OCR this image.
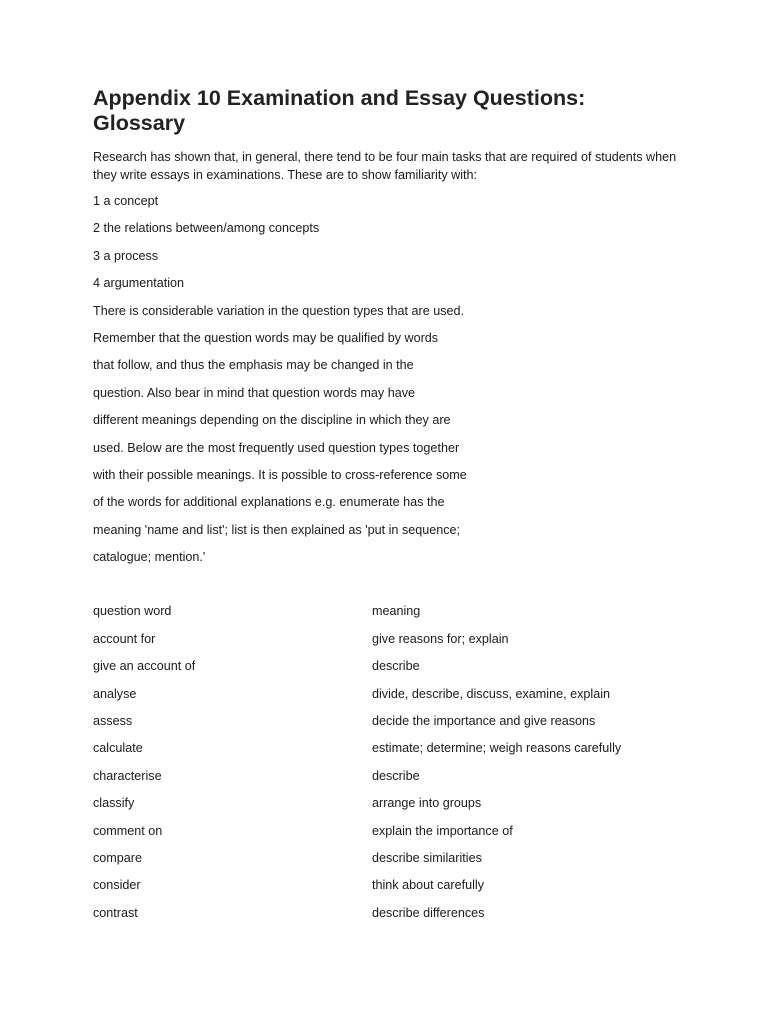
Appendix 10 Examination and Essay Questions: Glossary

Research has shown that, in general, there tend to be four main tasks that are required of students when they write essays in examinations. These are to show familiarity with:

1 a concept

2 the relations between/among concepts

3 a process

4 argumentation

There is considerable variation in the question types that are used.

Remember that the question words may be qualified by words

that follow, and thus the emphasis may be changed in the

question. Also bear in mind that question words may have

different meanings depending on the discipline in which they are

used. Below are the most frequently used question types together

with their possible meanings. It is possible to cross-reference some

of the words for additional explanations e.g. enumerate has the

meaning 'name and list'; list is then explained as 'put in sequence;

catalogue; mention.'

question word	meaning
account for	give reasons for; explain
give an account of	describe
analyse	divide, describe, discuss, examine, explain
assess	decide the importance and give reasons
calculate	estimate; determine; weigh reasons carefully
characterise	describe
classify	arrange into groups
comment on	explain the importance of
compare	describe similarities
consider	think about carefully
contrast	describe differences
